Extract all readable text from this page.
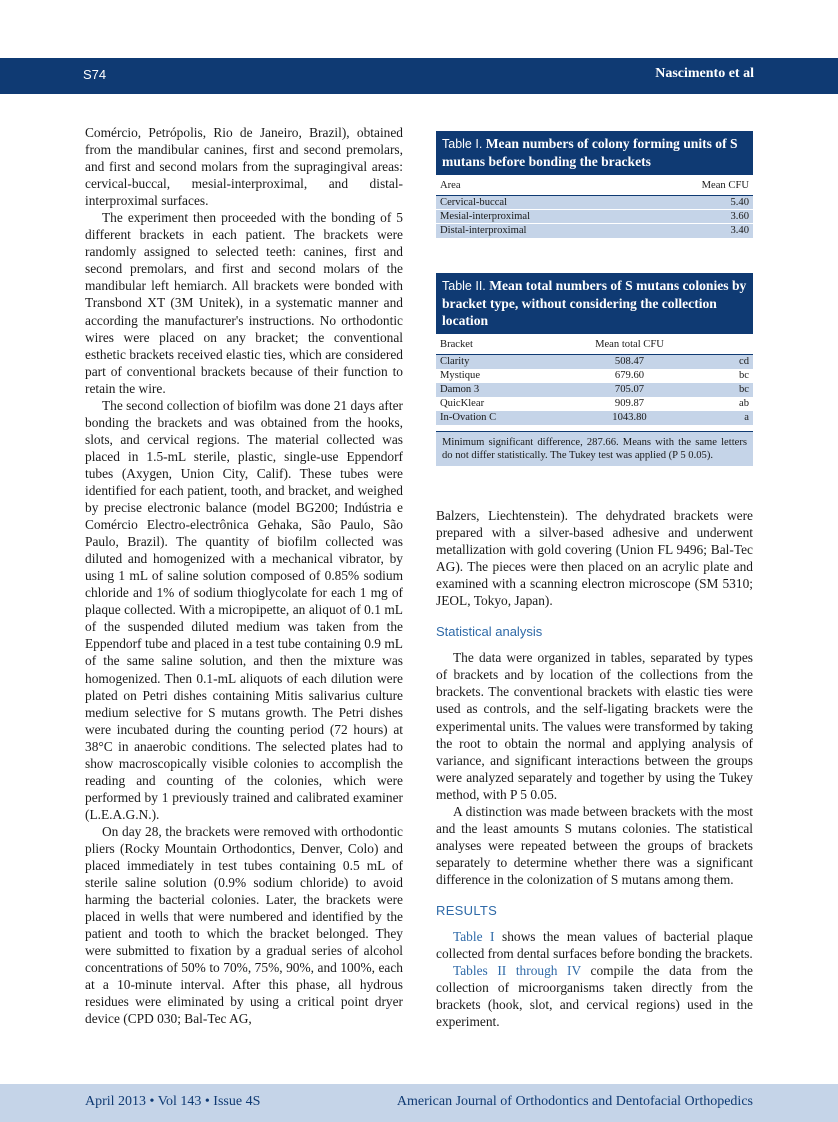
S74	Nascimento et al

Comércio, Petrópolis, Rio de Janeiro, Brazil), obtained from the mandibular canines, first and second premolars, and first and second molars from the supragingival areas: cervical-buccal, mesial-interproximal, and distal-interproximal surfaces.

The experiment then proceeded with the bonding of 5 different brackets in each patient. The brackets were randomly assigned to selected teeth: canines, first and second premolars, and first and second molars of the mandibular left hemiarch. All brackets were bonded with Transbond XT (3M Unitek), in a systematic manner and according the manufacturer's instructions. No orthodontic wires were placed on any bracket; the conventional esthetic brackets received elastic ties, which are considered part of conventional brackets because of their function to retain the wire.

The second collection of biofilm was done 21 days after bonding the brackets and was obtained from the hooks, slots, and cervical regions. The material collected was placed in 1.5-mL sterile, plastic, single-use Eppendorf tubes (Axygen, Union City, Calif). These tubes were identified for each patient, tooth, and bracket, and weighed by precise electronic balance (model BG200; Indústria e Comércio Electro-electrônica Gehaka, São Paulo, São Paulo, Brazil). The quantity of biofilm collected was diluted and homogenized with a mechanical vibrator, by using 1 mL of saline solution composed of 0.85% sodium chloride and 1% of sodium thioglycolate for each 1 mg of plaque collected. With a micropipette, an aliquot of 0.1 mL of the suspended diluted medium was taken from the Eppendorf tube and placed in a test tube containing 0.9 mL of the same saline solution, and then the mixture was homogenized. Then 0.1-mL aliquots of each dilution were plated on Petri dishes containing Mitis salivarius culture medium selective for S mutans growth. The Petri dishes were incubated during the counting period (72 hours) at 38°C in anaerobic conditions. The selected plates had to show macroscopically visible colonies to accomplish the reading and counting of the colonies, which were performed by 1 previously trained and calibrated examiner (L.E.A.G.N.).

On day 28, the brackets were removed with orthodontic pliers (Rocky Mountain Orthodontics, Denver, Colo) and placed immediately in test tubes containing 0.5 mL of sterile saline solution (0.9% sodium chloride) to avoid harming the bacterial colonies. Later, the brackets were placed in wells that were numbered and identified by the patient and tooth to which the bracket belonged. They were submitted to fixation by a gradual series of alcohol concentrations of 50% to 70%, 75%, 90%, and 100%, each at a 10-minute interval. After this phase, all hydrous residues were eliminated by using a critical point dryer device (CPD 030; Bal-Tec AG,

Table I. Mean numbers of colony forming units of S mutans before bonding the brackets
Area	Mean CFU
Cervical-buccal	5.40
Mesial-interproximal	3.60
Distal-interproximal	3.40
Table II. Mean total numbers of S mutans colonies by bracket type, without considering the collection location
Bracket	Mean total CFU	
Clarity	508.47	cd
Mystique	679.60	bc
Damon 3	705.07	bc
QuicKlear	909.87	ab
In-Ovation C	1043.80	a
Minimum significant difference, 287.66. Means with the same letters do not differ statistically. The Tukey test was applied (P 5 0.05).

Balzers, Liechtenstein). The dehydrated brackets were prepared with a silver-based adhesive and underwent metallization with gold covering (Union FL 9496; Bal-Tec AG). The pieces were then placed on an acrylic plate and examined with a scanning electron microscope (SM 5310; JEOL, Tokyo, Japan).

Statistical analysis

The data were organized in tables, separated by types of brackets and by location of the collections from the brackets. The conventional brackets with elastic ties were used as controls, and the self-ligating brackets were the experimental units. The values were transformed by taking the root to obtain the normal and applying analysis of variance, and significant interactions between the groups were analyzed separately and together by using the Tukey method, with P 5 0.05.

A distinction was made between brackets with the most and the least amounts S mutans colonies. The statistical analyses were repeated between the groups of brackets separately to determine whether there was a significant difference in the colonization of S mutans among them.

RESULTS

Table I shows the mean values of bacterial plaque collected from dental surfaces before bonding the brackets.

Tables II through IV compile the data from the collection of microorganisms taken directly from the brackets (hook, slot, and cervical regions) used in the experiment.

April 2013 • Vol 143 • Issue 4S	American Journal of Orthodontics and Dentofacial Orthopedics
